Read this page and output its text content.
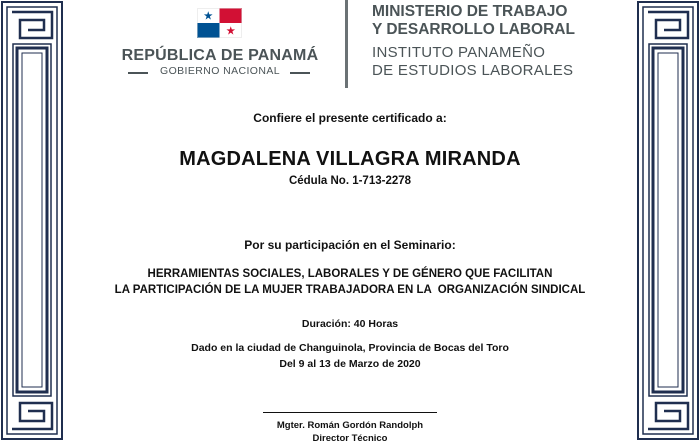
REPÚBLICA DE PANAMÁ
GOBIERNO NACIONAL
MINISTERIO DE TRABAJO
Y DESARROLLO LABORAL
INSTITUTO PANAMEÑO
DE ESTUDIOS LABORALES
Confiere el presente certificado a:
MAGDALENA VILLAGRA MIRANDA
Cédula No. 1-713-2278
Por su participación en el Seminario:
HERRAMIENTAS SOCIALES, LABORALES Y DE GÉNERO QUE FACILITAN
LA PARTICIPACIÓN DE LA MUJER TRABAJADORA EN LA  ORGANIZACIÓN SINDICAL
Duración: 40 Horas
Dado en la ciudad de Changuinola, Provincia de Bocas del Toro
Del 9 al 13 de Marzo de 2020
Mgter. Román Gordón Randolph
Director Técnico
